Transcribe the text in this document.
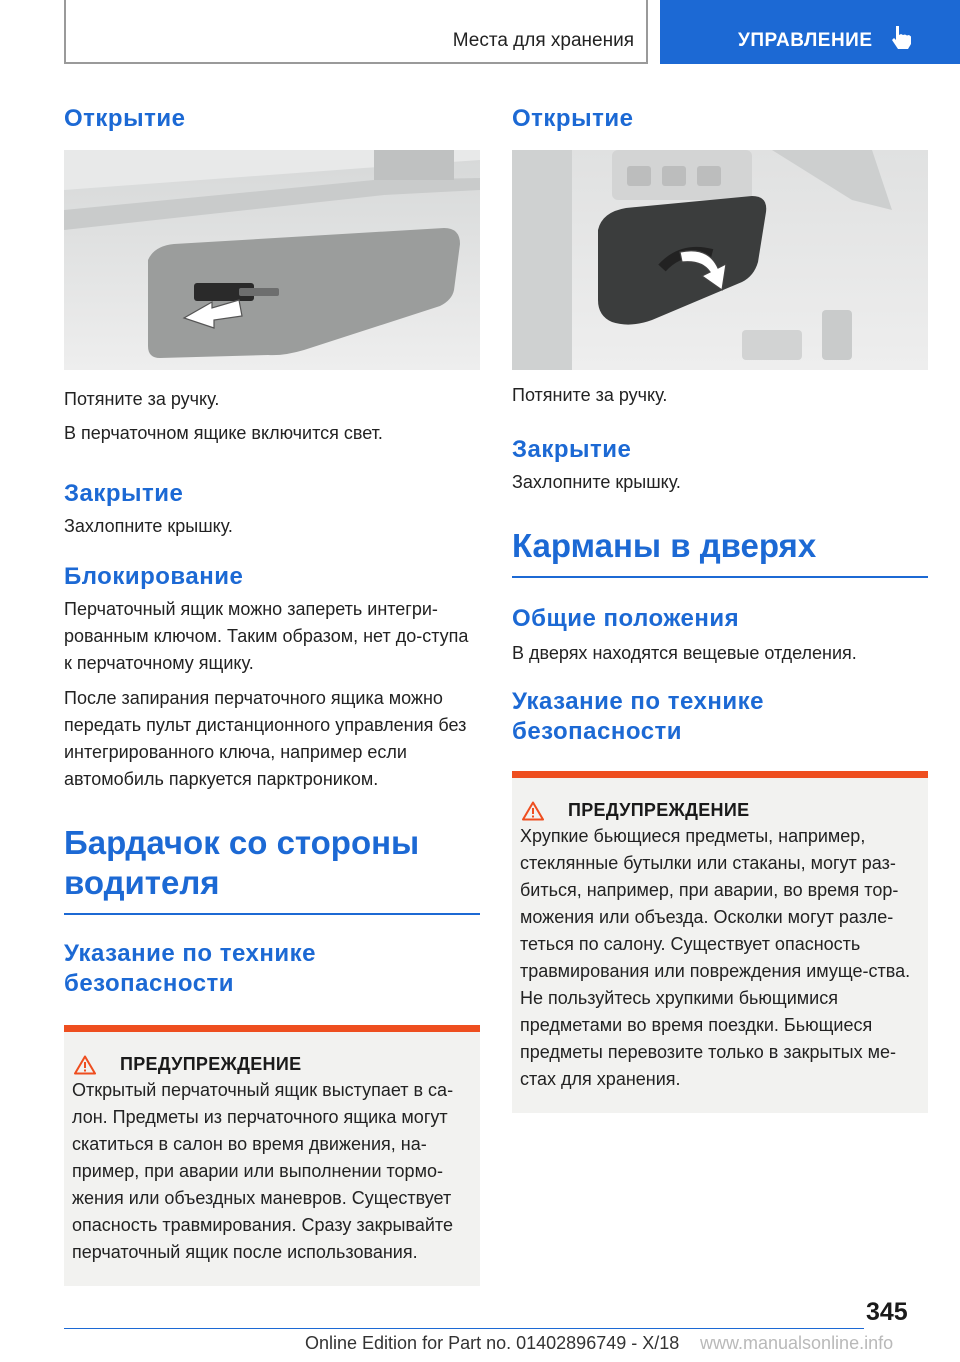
Места для хранения	УПРАВЛЕНИЕ
Открытие

Потяните за ручку.

В перчаточном ящике включится свет.

Закрытие

Захлопните крышку.

Блокирование

Перчаточный ящик можно запереть интегри-рованным ключом. Таким образом, нет до-ступа к перчаточному ящику.

После запирания перчаточного ящика можно передать пульт дистанционного управления без интегрированного ключа, например если автомобиль паркуется парктроником.

Бардачок со стороны водителя
Указание по технике безопасности
ПРЕДУПРЕЖДЕНИЕ

Открытый перчаточный ящик выступает в са-лон. Предметы из перчаточного ящика могут скатиться в салон во время движения, на-пример, при аварии или выполнении тормо-жения или объездных маневров. Существует опасность травмирования. Сразу закрывайте перчаточный ящик после использования.

Открытие

Потяните за ручку.

Закрытие

Захлопните крышку.

Карманы в дверях
Общие положения

В дверях находятся вещевые отделения.

Указание по технике безопасности
ПРЕДУПРЕЖДЕНИЕ

Хрупкие бьющиеся предметы, например, стеклянные бутылки или стаканы, могут раз-биться, например, при аварии, во время тор-можения или объезда. Осколки могут разле-теться по салону. Существует опасность травмирования или повреждения имуще-ства. Не пользуйтесь хрупкими бьющимися предметами во время поездки. Бьющиеся предметы перевозите только в закрытых ме-стах для хранения.

345
Online Edition for Part no. 01402896749 - X/18 www.manualsonline.info
